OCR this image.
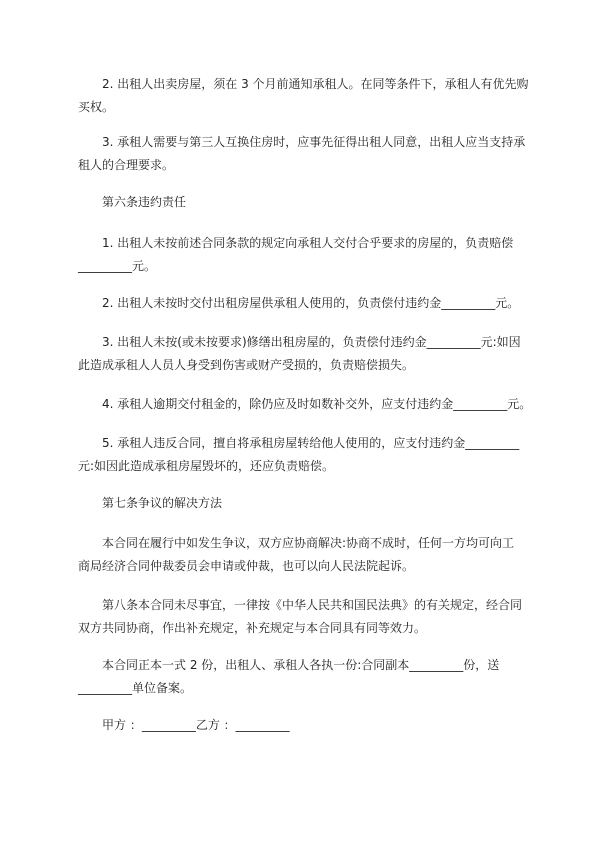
　　2. 出租人出卖房屋，须在 3 个月前通知承租人。在同等条件下，承租人有优先购
买权。

　　3. 承租人需要与第三人互换住房时，应事先征得出租人同意，出租人应当支持承
租人的合理要求。

　　第六条违约责任

　　1. 出租人未按前述合同条款的规定向承租人交付合乎要求的房屋的，负责赔偿
_________元。

　　2. 出租人未按时交付出租房屋供承租人使用的，负责偿付违约金_________元。

　　3. 出租人未按(或未按要求)修缮出租房屋的，负责偿付违约金_________元:如因
此造成承租人人员人身受到伤害或财产受损的，负责赔偿损失。

　　4. 承租人逾期交付租金的，除仍应及时如数补交外，应支付违约金_________元。

　　5. 承租人违反合同，擅自将承租房屋转给他人使用的，应支付违约金_________
元:如因此造成承租房屋毁坏的，还应负责赔偿。

　　第七条争议的解决方法

　　本合同在履行中如发生争议，双方应协商解决:协商不成时，任何一方均可向工
商局经济合同仲裁委员会申请或仲裁，也可以向人民法院起诉。

　　第八条本合同未尽事宜，一律按《中华人民共和国民法典》的有关规定，经合同
双方共同协商，作出补充规定，补充规定与本合同具有同等效力。

　　本合同正本一式 2 份，出租人、承租人各执一份:合同副本_________份，送
_________单位备案。

　　甲方 ：_________乙方 ：_________
